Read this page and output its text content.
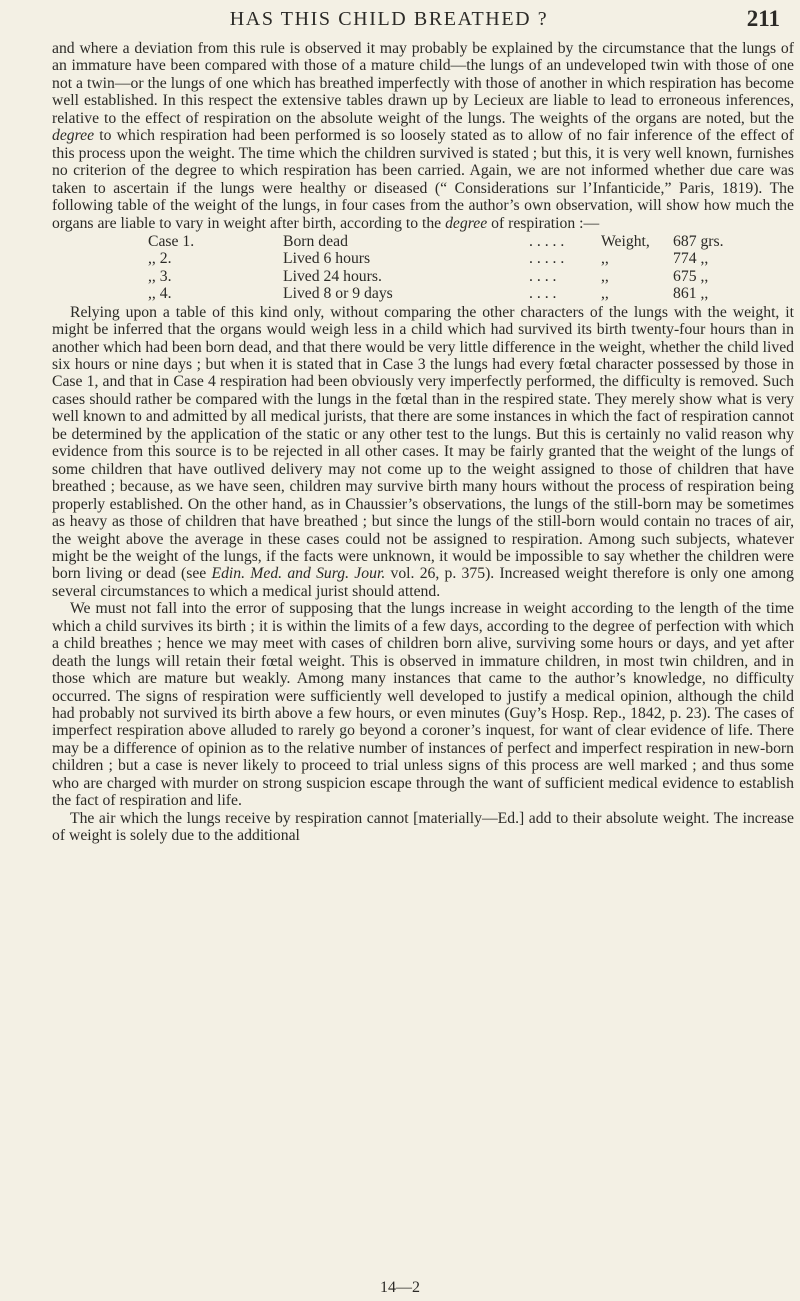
HAS THIS CHILD BREATHED ?	211

and where a deviation from this rule is observed it may probably be explained by the circumstance that the lungs of an immature have been compared with those of a mature child—the lungs of an undeveloped twin with those of one not a twin—or the lungs of one which has breathed imperfectly with those of another in which respiration has become well established. In this respect the extensive tables drawn up by Lecieux are liable to lead to erroneous inferences, relative to the effect of respiration on the absolute weight of the lungs. The weights of the organs are noted, but the degree to which respiration had been performed is so loosely stated as to allow of no fair inference of the effect of this process upon the weight. The time which the children survived is stated ; but this, it is very well known, furnishes no criterion of the degree to which respiration has been carried. Again, we are not informed whether due care was taken to ascertain if the lungs were healthy or diseased (“ Considerations sur l’Infanticide,” Paris, 1819). The following table of the weight of the lungs, in four cases from the author’s own observation, will show how much the organs are liable to vary in weight after birth, according to the degree of respiration :—

Case 1.	Born dead	. . . . .	Weight,	687 grs.
,, 2.	Lived 6 hours	. . . . .	,,	774 ,,
,, 3.	Lived 24 hours.	. . . .	,,	675 ,,
,, 4.	Lived 8 or 9 days	. . . .	,,	861 ,,

Relying upon a table of this kind only, without comparing the other characters of the lungs with the weight, it might be inferred that the organs would weigh less in a child which had survived its birth twenty-four hours than in another which had been born dead, and that there would be very little difference in the weight, whether the child lived six hours or nine days ; but when it is stated that in Case 3 the lungs had every fœtal character possessed by those in Case 1, and that in Case 4 respiration had been obviously very imperfectly performed, the difficulty is removed. Such cases should rather be compared with the lungs in the fœtal than in the respired state. They merely show what is very well known to and admitted by all medical jurists, that there are some instances in which the fact of respiration cannot be determined by the application of the static or any other test to the lungs. But this is certainly no valid reason why evidence from this source is to be rejected in all other cases. It may be fairly granted that the weight of the lungs of some children that have outlived delivery may not come up to the weight assigned to those of children that have breathed ; because, as we have seen, children may survive birth many hours without the process of respiration being properly established. On the other hand, as in Chaussier’s observations, the lungs of the still-born may be sometimes as heavy as those of children that have breathed ; but since the lungs of the still-born would contain no traces of air, the weight above the average in these cases could not be assigned to respiration. Among such subjects, whatever might be the weight of the lungs, if the facts were unknown, it would be impossible to say whether the children were born living or dead (see Edin. Med. and Surg. Jour. vol. 26, p. 375). Increased weight therefore is only one among several circumstances to which a medical jurist should attend.

We must not fall into the error of supposing that the lungs increase in weight according to the length of the time which a child survives its birth ; it is within the limits of a few days, according to the degree of perfection with which a child breathes ; hence we may meet with cases of children born alive, surviving some hours or days, and yet after death the lungs will retain their fœtal weight. This is observed in immature children, in most twin children, and in those which are mature but weakly. Among many instances that came to the author’s knowledge, no difficulty occurred. The signs of respiration were sufficiently well developed to justify a medical opinion, although the child had probably not survived its birth above a few hours, or even minutes (Guy’s Hosp. Rep., 1842, p. 23). The cases of imperfect respiration above alluded to rarely go beyond a coroner’s inquest, for want of clear evidence of life. There may be a difference of opinion as to the relative number of instances of perfect and imperfect respiration in new-born children ; but a case is never likely to proceed to trial unless signs of this process are well marked ; and thus some who are charged with murder on strong suspicion escape through the want of sufficient medical evidence to establish the fact of respiration and life.

The air which the lungs receive by respiration cannot [materially—Ed.] add to their absolute weight. The increase of weight is solely due to the additional

14—2
